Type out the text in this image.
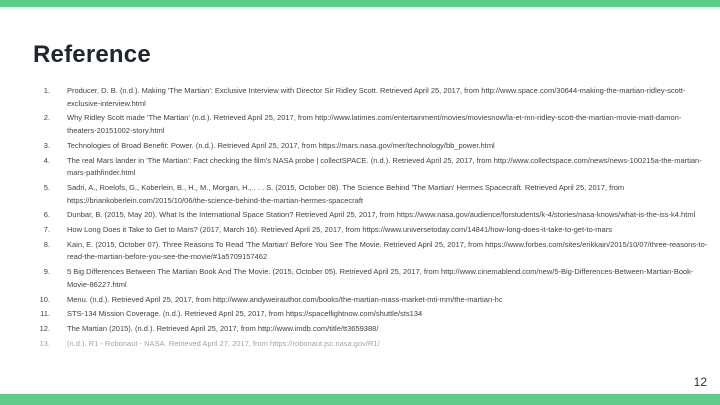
Reference
1. Producer, D. B. (n.d.). Making 'The Martian': Exclusive Interview with Director Sir Ridley Scott. Retrieved April 25, 2017, from http://www.space.com/30644-making-the-martian-ridley-scott-exclusive-interview.html
2. Why Ridley Scott made 'The Martian' (n.d.). Retrieved April 25, 2017, from http://www.latimes.com/entertainment/movies/moviesnow/la-et-mn-ridley-scott-the-martian-movie-matt-damon-theaters-20151002-story.html
3. Technologies of Broad Benefit: Power. (n.d.). Retrieved April 25, 2017, from https://mars.nasa.gov/mer/technology/bb_power.html
4. The real Mars lander in 'The Martian': Fact checking the film's NASA probe | collectSPACE. (n.d.). Retrieved April 25, 2017, from http://www.collectspace.com/news/news-100215a-the-martian-mars-pathfinder.html
5. Sadri, A., Roelofs, G., Koberlein, B., H., M., Morgan, H., . . . S. (2015, October 08). The Science Behind 'The Martian' Hermes Spacecraft. Retrieved April 25, 2017, from https://briankoberlein.com/2015/10/06/the-science-behind-the-martian-hermes-spacecraft
6. Dunbar, B. (2015, May 20). What Is the International Space Station? Retrieved April 25, 2017, from https://www.nasa.gov/audience/forstudents/k-4/stories/nasa-knows/what-is-the-iss-k4.html
7. How Long Does it Take to Get to Mars? (2017, March 16). Retrieved April 25, 2017, from https://www.universetoday.com/14841/how-long-does-it-take-to-get-to-mars
8. Kain, E. (2015, October 07). Three Reasons To Read 'The Martian' Before You See The Movie. Retrieved April 25, 2017, from https://www.forbes.com/sites/erikkain/2015/10/07/three-reasons-to-read-the-martian-before-you-see-the-movie/#1a5709157462
9. 5 Big Differences Between The Martian Book And The Movie. (2015, October 05). Retrieved April 25, 2017, from http://www.cinemablend.com/new/5-Big-Differences-Between-Martian-Book-Movie-86227.html
10. Menu. (n.d.). Retrieved April 25, 2017, from http://www.andyweirauthor.com/books/the-martian-mass-market-mti-mm/the-martian-hc
11. STS-134 Mission Coverage. (n.d.). Retrieved April 25, 2017, from https://spaceflightnow.com/shuttle/sts134
12. The Martian (2015). (n.d.). Retrieved April 25, 2017, from http://www.imdb.com/title/tt3659388/
13. (n.d.). R1 - Robonaut - NASA. Retrieved April 27, 2017, from https://robonaut.jsc.nasa.gov/R1/
12
